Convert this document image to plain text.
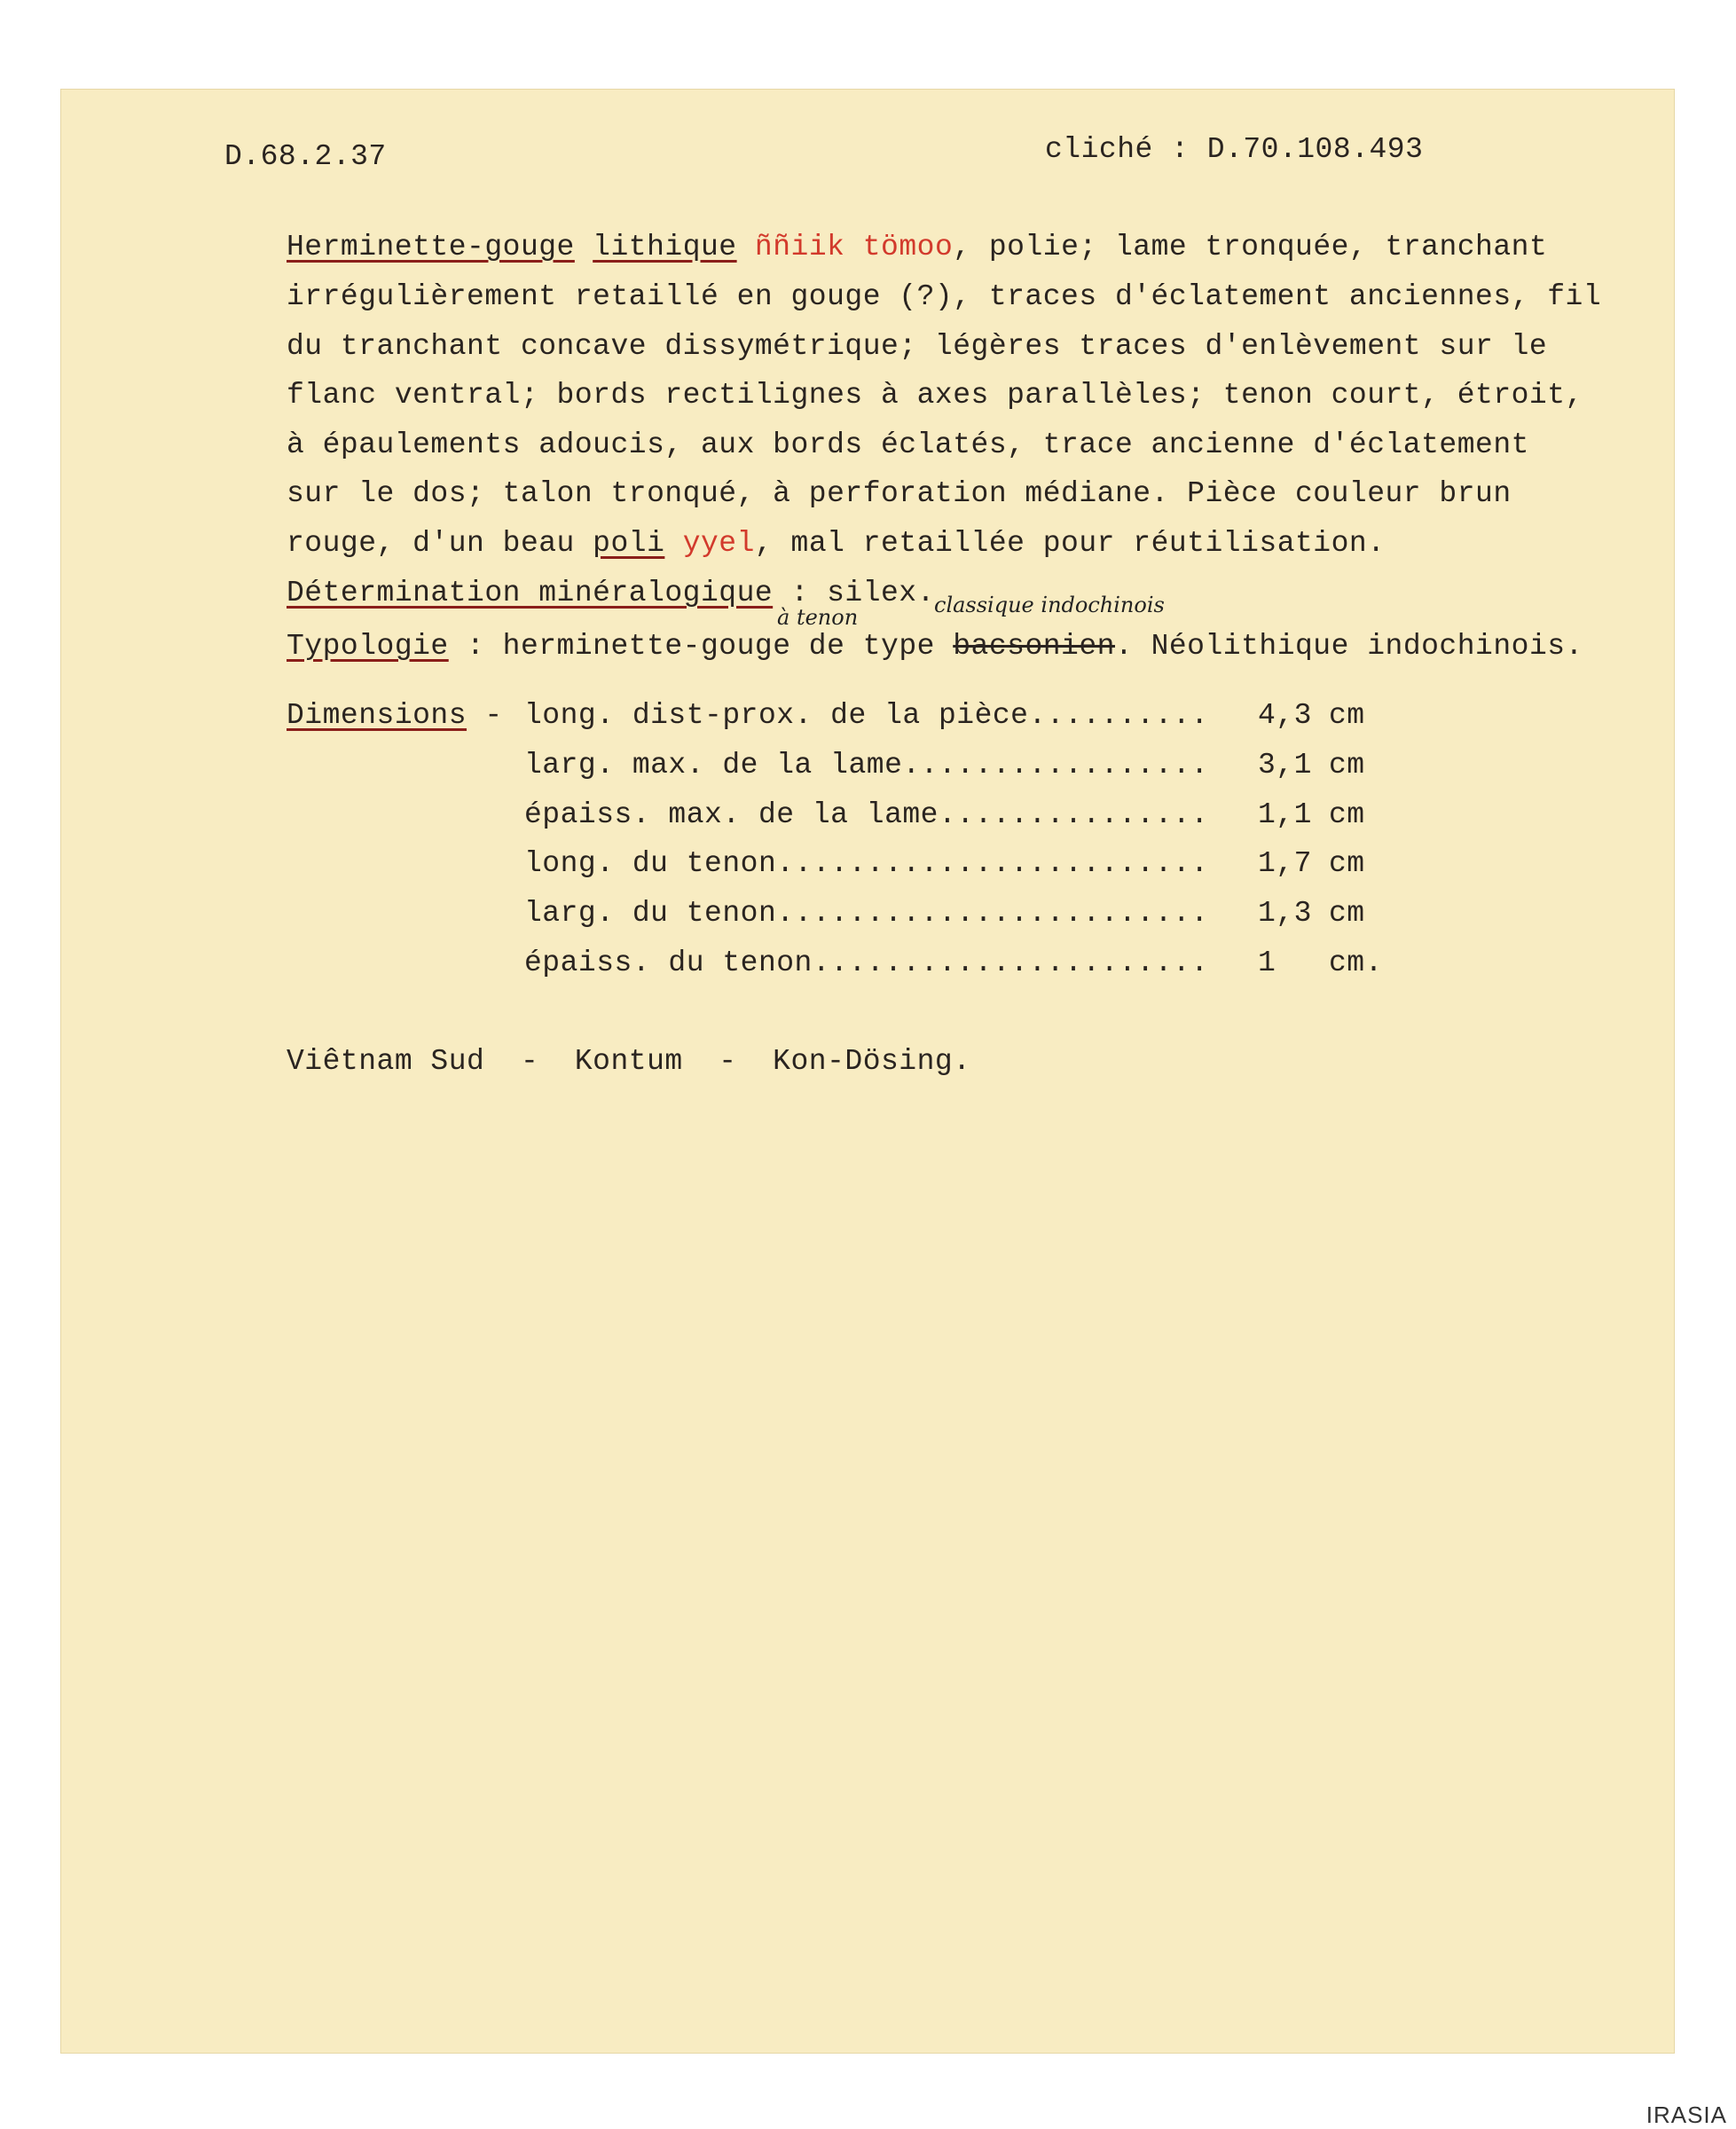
D.68.2.37	cliché : D.70.108.493
Herminette-gouge lithique ññiik tömoo, polie; lame tronquée, tranchant
irrégulièrement retaillé en gouge (?), traces d'éclatement anciennes, fil
du tranchant concave dissymétrique; légères traces d'enlèvement sur le
flanc ventral; bords rectilignes à axes parallèles; tenon court, étroit,
à épaulements adoucis, aux bords éclatés, trace ancienne d'éclatement
sur le dos; talon tronqué, à perforation médiane. Pièce couleur brun
rouge, d'un beau poli yyel, mal retaillée pour réutilisation.
Détermination minéralogique : silex.
à tenon	classique indochinois
Typologie : herminette-gouge de type bacsonien. Néolithique indochinois.
Dimensions - long. dist-prox. de la pièce.......... 4,3 cm
larg. max. de la lame................. 3,1 cm
épaiss. max. de la lame............... 1,1 cm
long. du tenon........................ 1,7 cm
larg. du tenon........................ 1,3 cm
épaiss. du tenon...................... 1 cm.
Viêtnam Sud  -  Kontum  -  Kon-Dösing.
IRASIA
